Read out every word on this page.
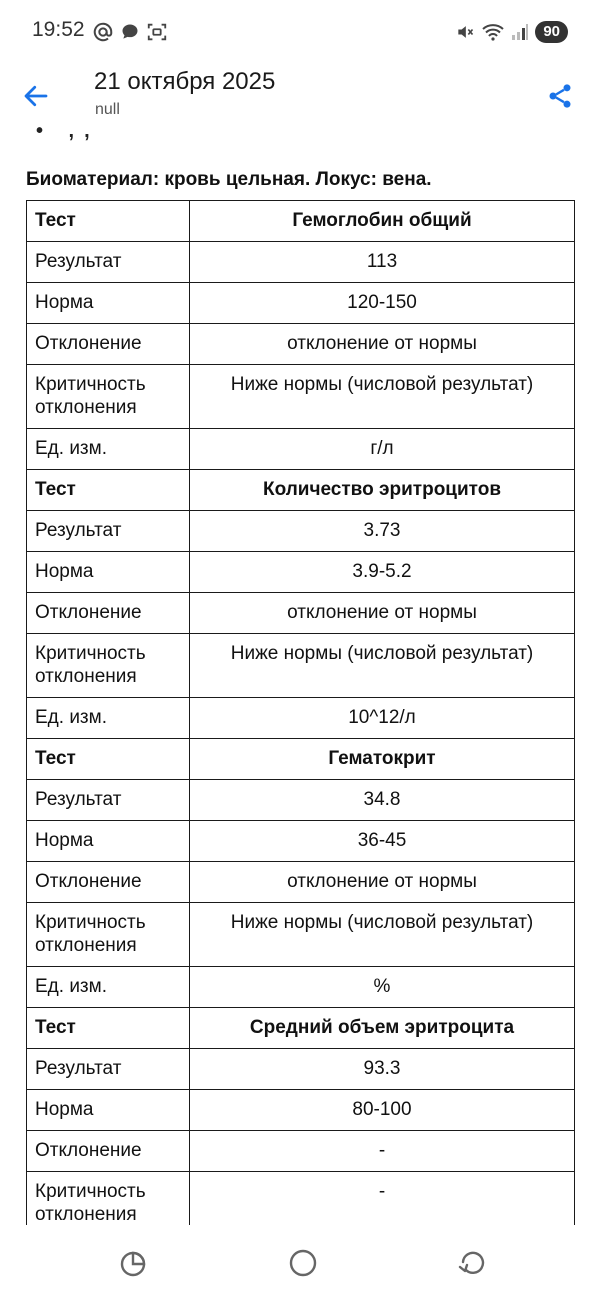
19:52	90
21 октября 2025
null
• ,,
Биоматериал: кровь цельная. Локус: вена.
Тест	Гемоглобин общий
Результат	113
Норма	120-150
Отклонение	отклонение от нормы
Критичность отклонения	Ниже нормы (числовой результат)
Ед. изм.	г/л
Тест	Количество эритроцитов
Результат	3.73
Норма	3.9-5.2
Отклонение	отклонение от нормы
Критичность отклонения	Ниже нормы (числовой результат)
Ед. изм.	10^12/л
Тест	Гематокрит
Результат	34.8
Норма	36-45
Отклонение	отклонение от нормы
Критичность отклонения	Ниже нормы (числовой результат)
Ед. изм.	%
Тест	Средний объем эритроцита
Результат	93.3
Норма	80-100
Отклонение	-
Критичность отклонения	-
